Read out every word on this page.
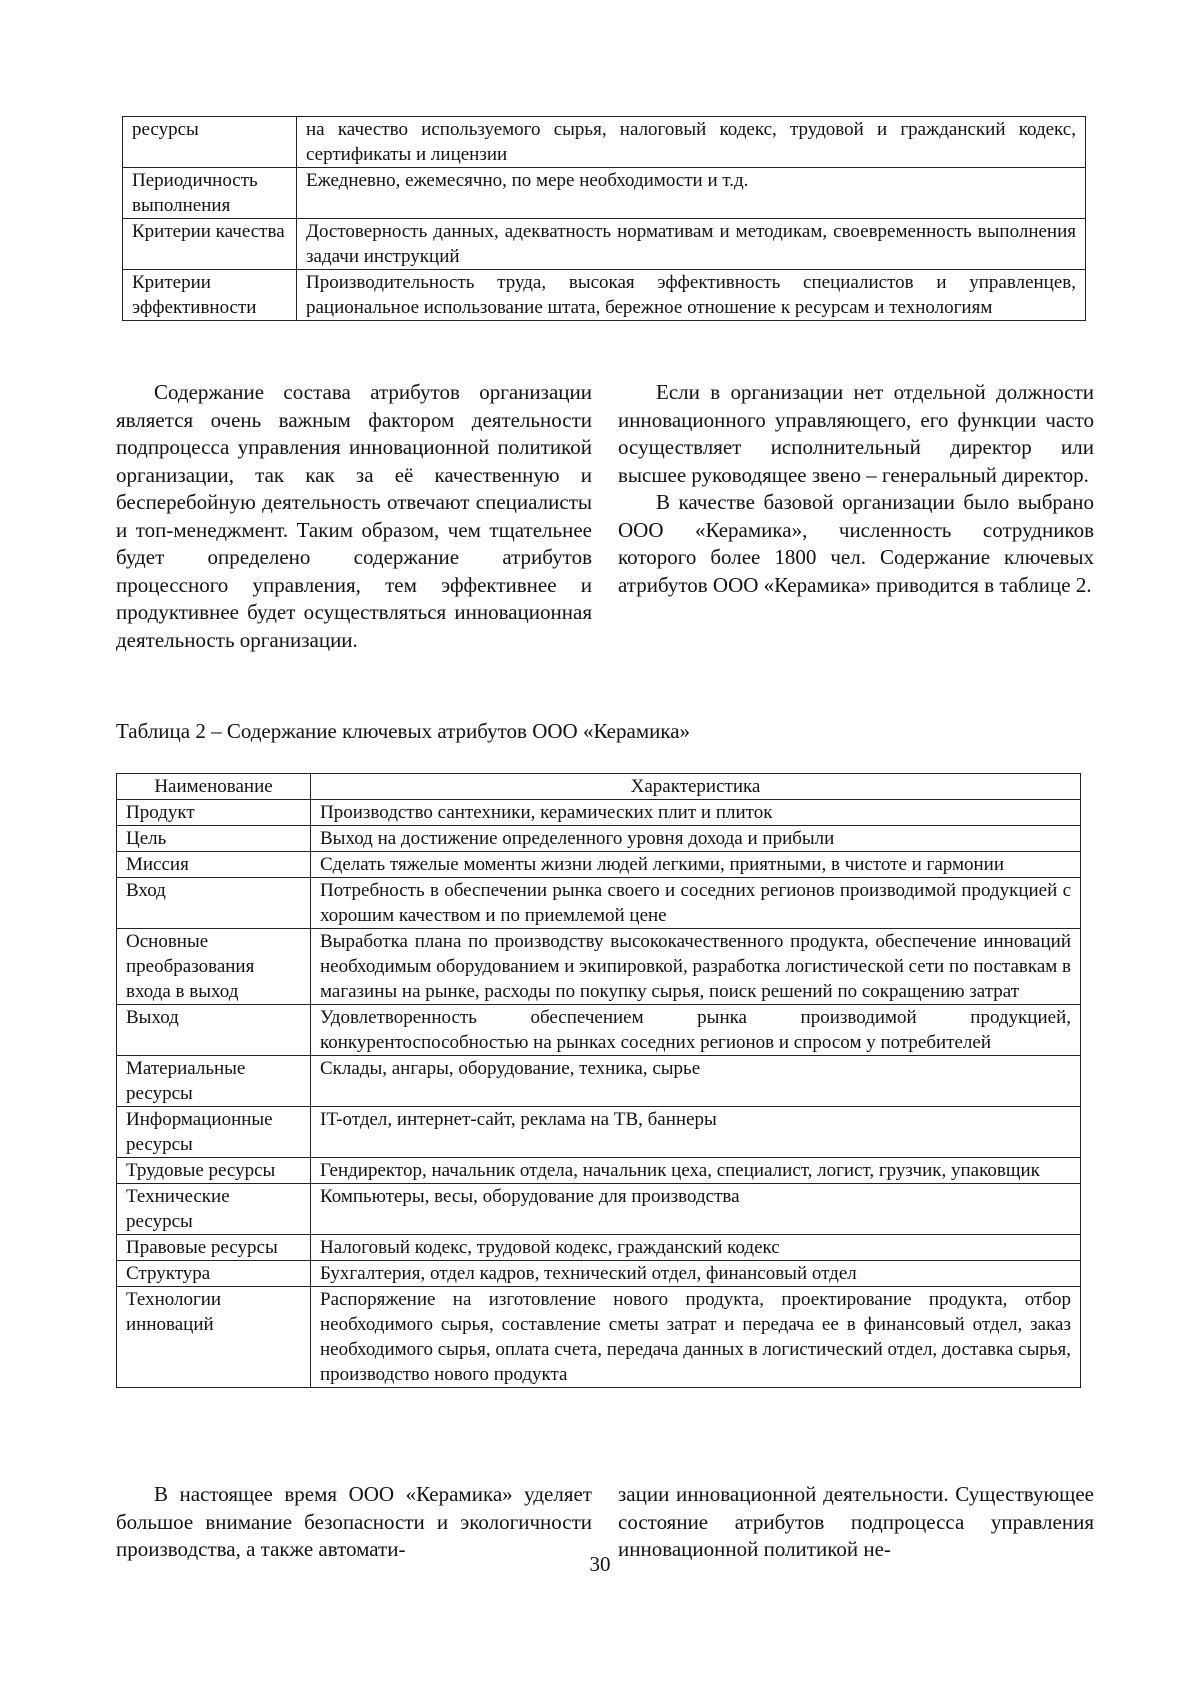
ресурсы	на качество используемого сырья, налоговый кодекс, трудовой и гражданский кодекс, сертификаты и лицензии
Периодичность выполнения	Ежедневно, ежемесячно, по мере необходимости и т.д.
Критерии качества	Достоверность данных, адекватность нормативам и методикам, своевременность выполнения задачи инструкций
Критерии эффективности	Производительность труда, высокая эффективность специалистов и управленцев, рациональное использование штата, бережное отношение к ресурсам и технологиям

Содержание состава атрибутов организации является очень важным фактором деятельности подпроцесса управления инновационной политикой организации, так как за её качественную и бесперебойную деятельность отвечают специалисты и топ-менеджмент. Таким образом, чем тщательнее будет определено содержание атрибутов процессного управления, тем эффективнее и продуктивнее будет осуществляться инновационная деятельность организации.

Если в организации нет отдельной должности инновационного управляющего, его функции часто осуществляет исполнительный директор или высшее руководящее звено – генеральный директор.

В качестве базовой организации было выбрано ООО «Керамика», численность сотрудников которого более 1800 чел. Содержание ключевых атрибутов ООО «Керамика» приводится в таблице 2.

Таблица 2 – Содержание ключевых атрибутов ООО «Керамика»
Наименование	Характеристика
Продукт	Производство сантехники, керамических плит и плиток
Цель	Выход на достижение определенного уровня дохода и прибыли
Миссия	Сделать тяжелые моменты жизни людей легкими, приятными, в чистоте и гармонии
Вход	Потребность в обеспечении рынка своего и соседних регионов производимой продукцией с хорошим качеством и по приемлемой цене
Основные преобразования входа в выход	Выработка плана по производству высококачественного продукта, обеспечение инноваций необходимым оборудованием и экипировкой, разработка логистической сети по поставкам в магазины на рынке, расходы по покупку сырья, поиск решений по сокращению затрат
Выход	Удовлетворенность обеспечением рынка производимой продукцией, конкурентоспособностью на рынках соседних регионов и спросом у потребителей
Материальные ресурсы	Склады, ангары, оборудование, техника, сырье
Информационные ресурсы	IT-отдел, интернет-сайт, реклама на ТВ, баннеры
Трудовые ресурсы	Гендиректор, начальник отдела, начальник цеха, специалист, логист, грузчик, упаковщик
Технические ресурсы	Компьютеры, весы, оборудование для производства
Правовые ресурсы	Налоговый кодекс, трудовой кодекс, гражданский кодекс
Структура	Бухгалтерия, отдел кадров, технический отдел, финансовый отдел
Технологии инноваций	Распоряжение на изготовление нового продукта, проектирование продукта, отбор необходимого сырья, составление сметы затрат и передача ее в финансовый отдел, заказ необходимого сырья, оплата счета, передача данных в логистический отдел, доставка сырья, производство нового продукта

В настоящее время ООО «Керамика» уделяет большое внимание безопасности и экологичности производства, а также автомати-

зации инновационной деятельности. Существующее состояние атрибутов подпроцесса управления инновационной политикой не-

30
